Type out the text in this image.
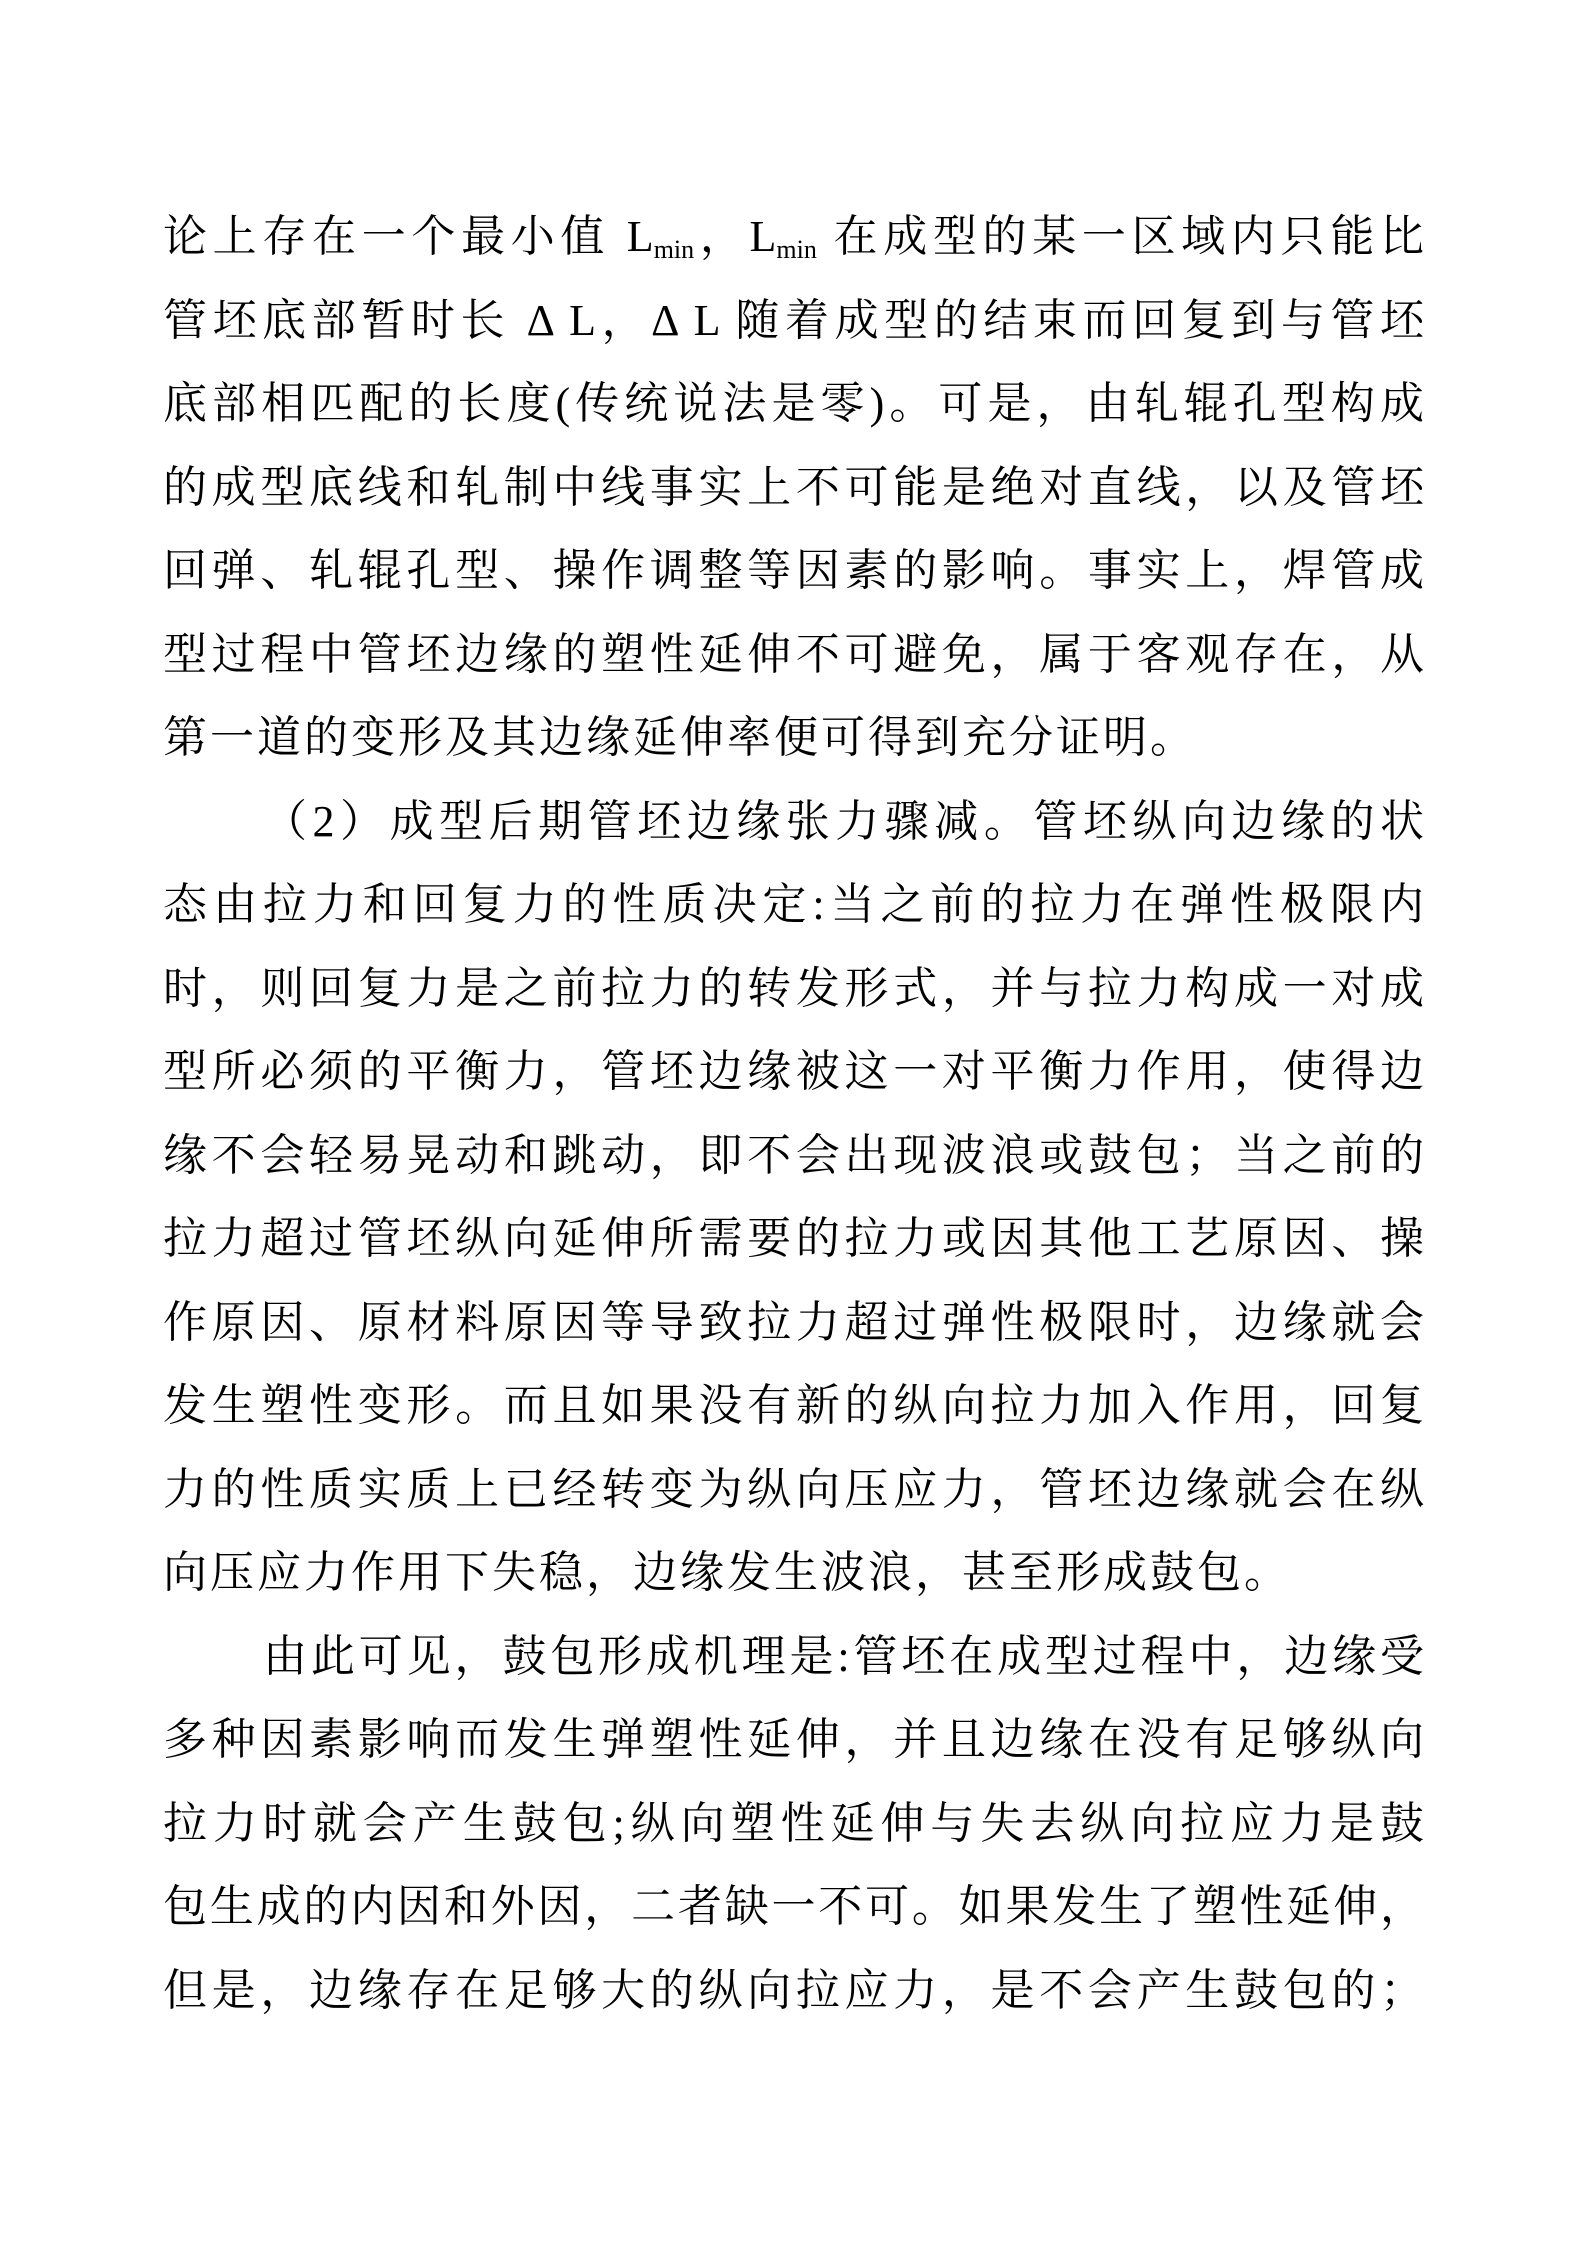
论上存在一个最小值 $L_{min}$，$L_{min}$ 在成型的某一区域内只能比
管坯底部暂时长 Δ L，Δ L 随着成型的结束而回复到与管坯
底部相匹配的长度(传统说法是零)。可是，由轧辊孔型构成
的成型底线和轧制中线事实上不可能是绝对直线，以及管坯
回弹、轧辊孔型、操作调整等因素的影响。事实上，焊管成
型过程中管坯边缘的塑性延伸不可避免，属于客观存在，从
第一道的变形及其边缘延伸率便可得到充分证明。
（2）成型后期管坯边缘张力骤减。管坯纵向边缘的状
态由拉力和回复力的性质决定:当之前的拉力在弹性极限内
时，则回复力是之前拉力的转发形式，并与拉力构成一对成
型所必须的平衡力，管坯边缘被这一对平衡力作用，使得边
缘不会轻易晃动和跳动，即不会出现波浪或鼓包；当之前的
拉力超过管坯纵向延伸所需要的拉力或因其他工艺原因、操
作原因、原材料原因等导致拉力超过弹性极限时，边缘就会
发生塑性变形。而且如果没有新的纵向拉力加入作用，回复
力的性质实质上已经转变为纵向压应力，管坯边缘就会在纵
向压应力作用下失稳，边缘发生波浪，甚至形成鼓包。
由此可见，鼓包形成机理是:管坯在成型过程中，边缘受
多种因素影响而发生弹塑性延伸，并且边缘在没有足够纵向
拉力时就会产生鼓包;纵向塑性延伸与失去纵向拉应力是鼓
包生成的内因和外因，二者缺一不可。如果发生了塑性延伸，
但是，边缘存在足够大的纵向拉应力，是不会产生鼓包的；
